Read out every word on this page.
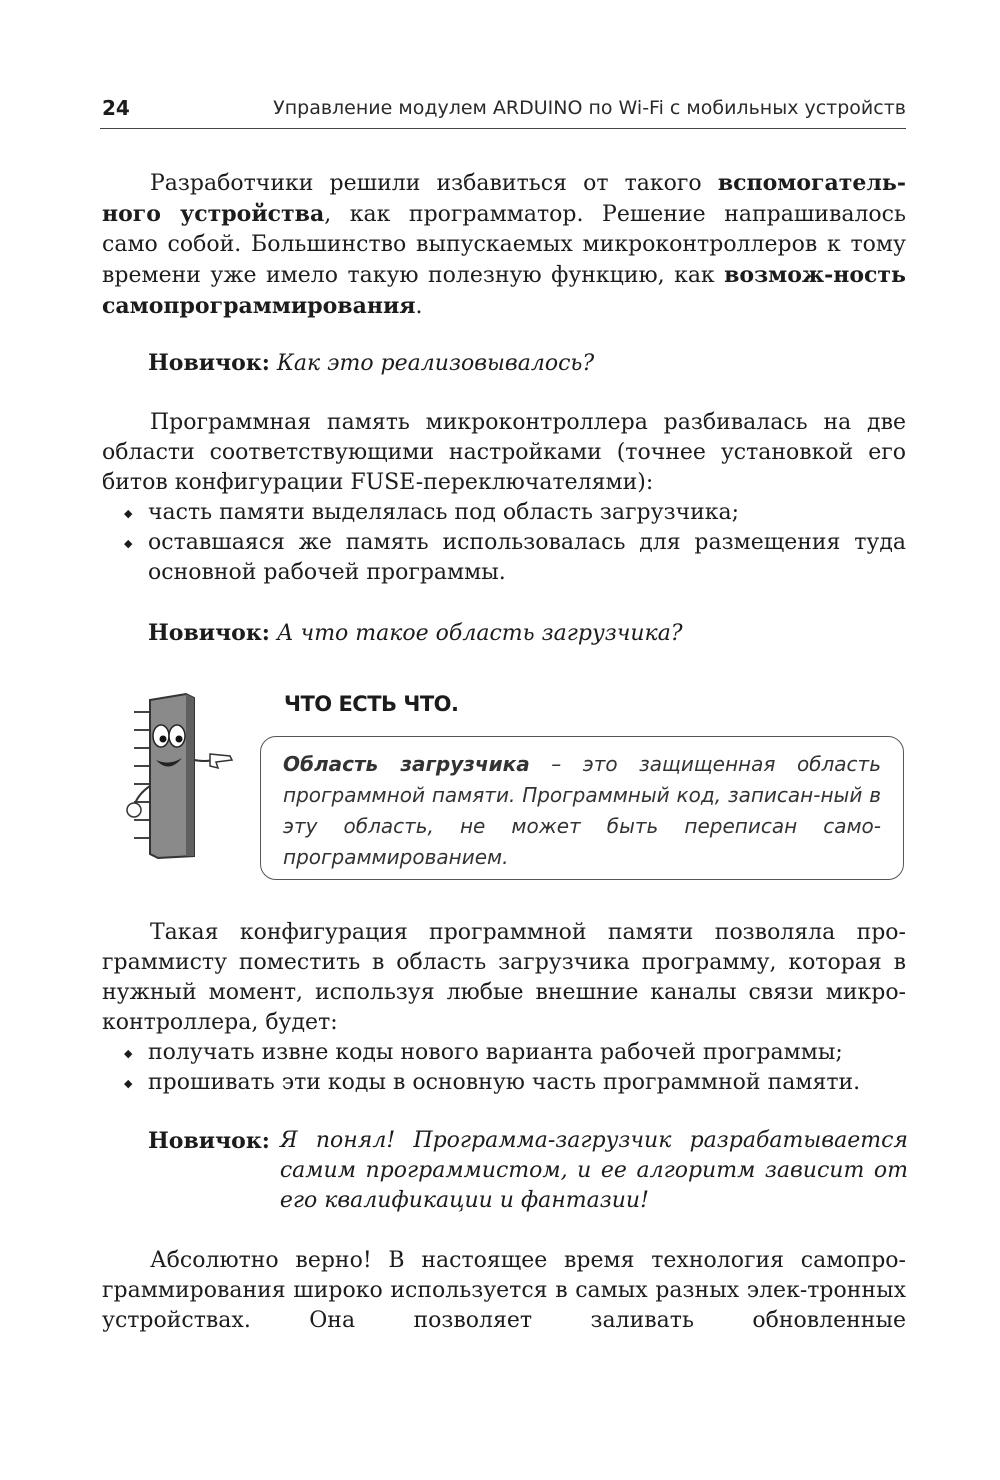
24	Управление модулем ARDUINO по Wi-Fi с мобильных устройств
Разработчики решили избавиться от такого вспомогатель-ного устройства, как программатор. Решение напрашивалось само собой. Большинство выпускаемых микроконтроллеров к тому времени уже имело такую полезную функцию, как возмож-ность самопрограммирования.
Новичок: Как это реализовывалось?
Программная память микроконтроллера разбивалась на две области соответствующими настройками (точнее установкой его битов конфигурации FUSE-переключателями):
◆ часть памяти выделялась под область загрузчика;
◆ оставшаяся же память использовалась для размещения туда основной рабочей программы.
Новичок: А что такое область загрузчика?
ЧТО ЕСТЬ ЧТО.
Область загрузчика – это защищенная область программной памяти. Программный код, записан-ный в эту область, не может быть переписан само-программированием.
Такая конфигурация программной памяти позволяла про-граммисту поместить в область загрузчика программу, которая в нужный момент, используя любые внешние каналы связи микро-контроллера, будет:
◆ получать извне коды нового варианта рабочей программы;
◆ прошивать эти коды в основную часть программной памяти.
Новичок: Я понял! Программа-загрузчик разрабатывается самим программистом, и ее алгоритм зависит от его квалификации и фантазии!
Абсолютно верно! В настоящее время технология самопро-граммирования широко используется в самых разных элек-тронных устройствах. Она позволяет заливать обновленные
